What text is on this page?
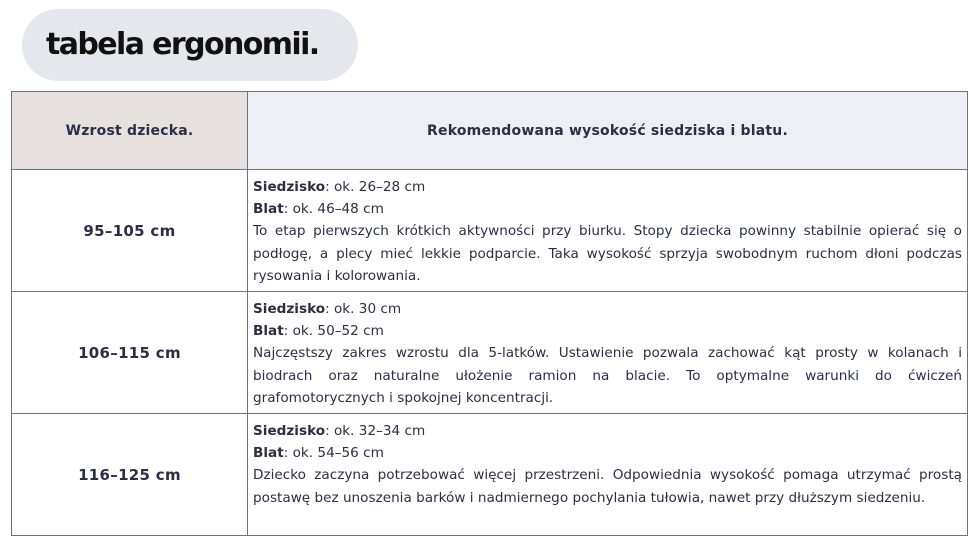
tabela ergonomii.
Wzrost dziecka.	Rekomendowana wysokość siedziska i blatu.
95–105 cm	Siedzisko: ok. 26–28 cm
Blat: ok. 46–48 cm
To etap pierwszych krótkich aktywności przy biurku. Stopy dziecka powinny stabilnie opierać się o podłogę, a plecy mieć lekkie podparcie. Taka wysokość sprzyja swobodnym ruchom dłoni podczas rysowania i kolorowania.

106–115 cm	Siedzisko: ok. 30 cm
Blat: ok. 50–52 cm
Najczęstszy zakres wzrostu dla 5-latków. Ustawienie pozwala zachować kąt prosty w kolanach i biodrach oraz naturalne ułożenie ramion na blacie. To optymalne warunki do ćwiczeń grafomotorycznych i spokojnej koncentracji.

116–125 cm	Siedzisko: ok. 32–34 cm
Blat: ok. 54–56 cm
Dziecko zaczyna potrzebować więcej przestrzeni. Odpowiednia wysokość pomaga utrzymać prostą postawę bez unoszenia barków i nadmiernego pochylania tułowia, nawet przy dłuższym siedzeniu.
